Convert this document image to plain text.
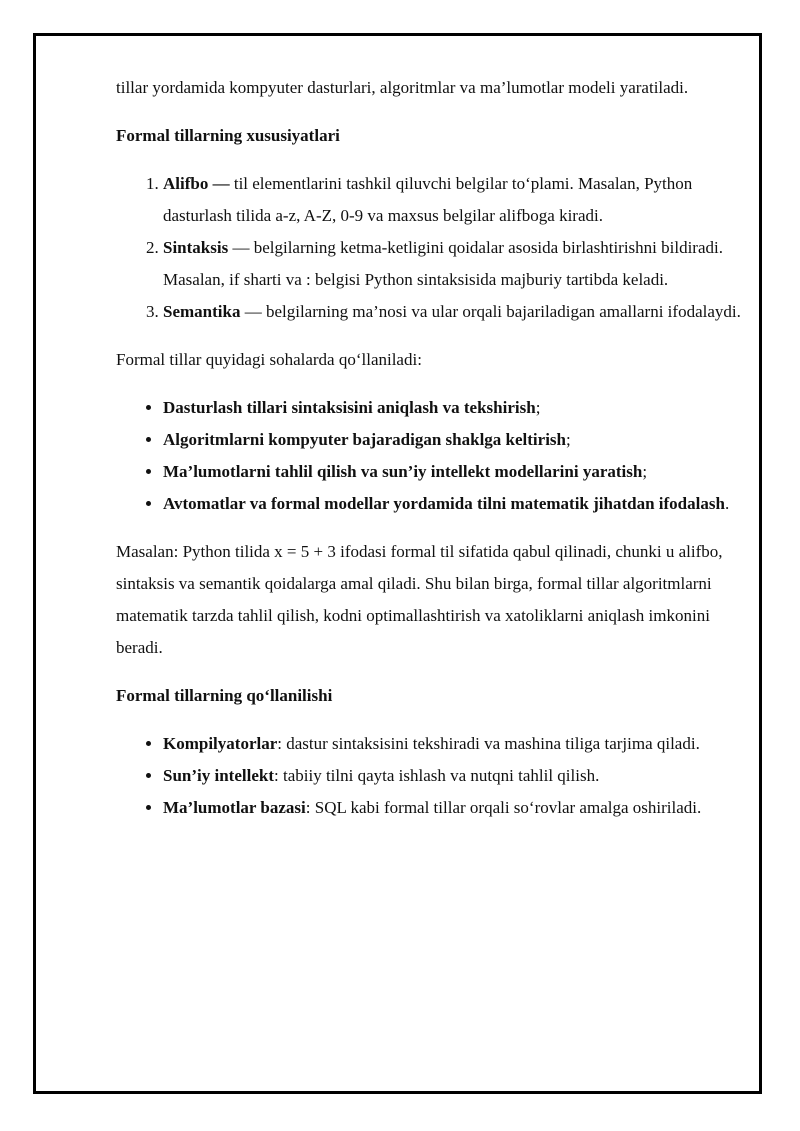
tillar yordamida kompyuter dasturlari, algoritmlar va ma’lumotlar modeli yaratiladi.

Formal tillarning xususiyatlari

1. Alifbo — til elementlarini tashkil qiluvchi belgilar to‘plami. Masalan, Python dasturlash tilida a-z, A-Z, 0-9 va maxsus belgilar alifboga kiradi.
2. Sintaksis — belgilarning ketma-ketligini qoidalar asosida birlashtirishni bildiradi. Masalan, if sharti va : belgisi Python sintaksisida majburiy tartibda keladi.
3. Semantika — belgilarning ma’nosi va ular orqali bajariladigan amallarni ifodalaydi.

Formal tillar quyidagi sohalarda qo‘llaniladi:

• Dasturlash tillari sintaksisini aniqlash va tekshirish;
• Algoritmlarni kompyuter bajaradigan shaklga keltirish;
• Ma’lumotlarni tahlil qilish va sun’iy intellekt modellarini yaratish;
• Avtomatlar va formal modellar yordamida tilni matematik jihatdan ifodalash.

Masalan: Python tilida x = 5 + 3 ifodasi formal til sifatida qabul qilinadi, chunki u alifbo, sintaksis va semantik qoidalarga amal qiladi. Shu bilan birga, formal tillar algoritmlarni matematik tarzda tahlil qilish, kodni optimallashtirish va xatoliklarni aniqlash imkonini beradi.

Formal tillarning qo‘llanilishi

• Kompilyatorlar: dastur sintaksisini tekshiradi va mashina tiliga tarjima qiladi.
• Sun’iy intellekt: tabiiy tilni qayta ishlash va nutqni tahlil qilish.
• Ma’lumotlar bazasi: SQL kabi formal tillar orqali so‘rovlar amalga oshiriladi.
